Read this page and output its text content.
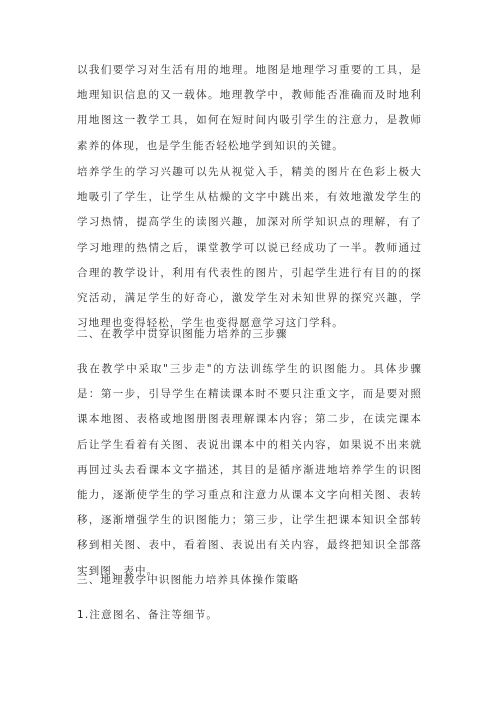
以我们要学习对生活有用的地理。地图是地理学习重要的工具，是地理知识信息的又一载体。地理教学中，教师能否准确而及时地利用地图这一教学工具，如何在短时间内吸引学生的注意力，是教师素养的体现，也是学生能否轻松地学到知识的关键。

培养学生的学习兴趣可以先从视觉入手，精美的图片在色彩上极大地吸引了学生，让学生从枯燥的文字中跳出来，有效地激发学生的学习热情，提高学生的读图兴趣，加深对所学知识点的理解，有了学习地理的热情之后，课堂教学可以说已经成功了一半。教师通过合理的教学设计，利用有代表性的图片，引起学生进行有目的的探究活动，满足学生的好奇心，激发学生对未知世界的探究兴趣，学习地理也变得轻松，学生也变得愿意学习这门学科。

二、在教学中贯穿识图能力培养的三步骤

我在教学中采取"三步走"的方法训练学生的识图能力。具体步骤是：第一步，引导学生在精读课本时不要只注重文字，而是要对照课本地图、表格或地图册图表理解课本内容；第二步，在读完课本后让学生看着有关图、表说出课本中的相关内容，如果说不出来就再回过头去看课本文字描述，其目的是循序渐进地培养学生的识图能力，逐渐使学生的学习重点和注意力从课本文字向相关图、表转移，逐渐增强学生的识图能力；第三步，让学生把课本知识全部转移到相关图、表中，看着图、表说出有关内容，最终把知识全部落实到图、表中。

三、地理教学中识图能力培养具体操作策略

1.注意图名、备注等细节。
